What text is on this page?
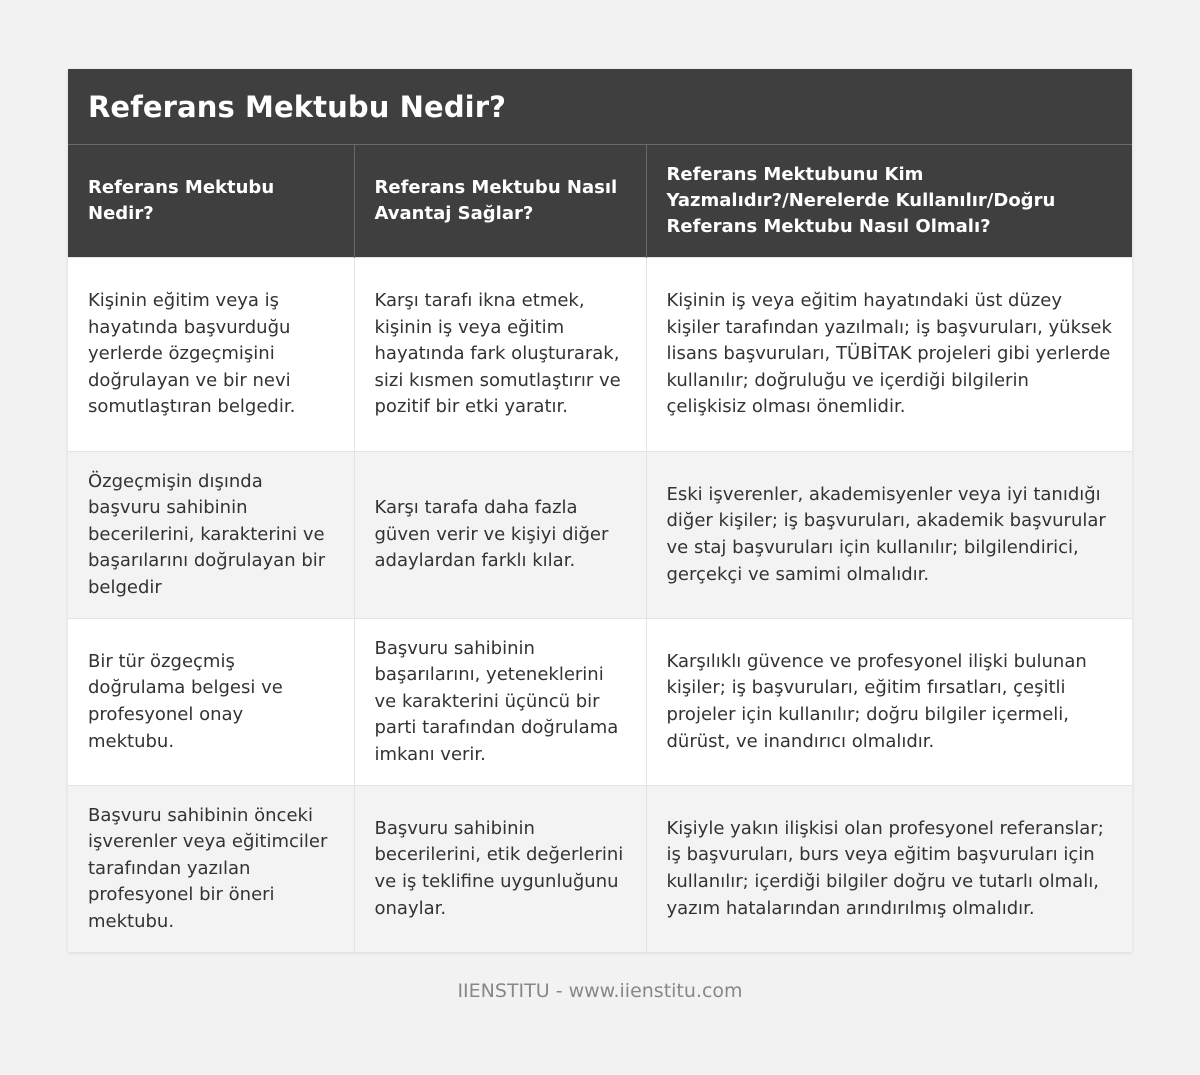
Referans Mektubu Nedir?
Referans Mektubu Nedir?	Referans Mektubu Nasıl Avantaj Sağlar?	Referans Mektubunu Kim Yazmalıdır?/Nerelerde Kullanılır/Doğru Referans Mektubu Nasıl Olmalı?
Kişinin eğitim veya iş hayatında başvurduğu yerlerde özgeçmişini doğrulayan ve bir nevi somutlaştıran belgedir.	Karşı tarafı ikna etmek, kişinin iş veya eğitim hayatında fark oluşturarak, sizi kısmen somutlaştırır ve pozitif bir etki yaratır.	Kişinin iş veya eğitim hayatındaki üst düzey kişiler tarafından yazılmalı; iş başvuruları, yüksek lisans başvuruları, TÜBİTAK projeleri gibi yerlerde kullanılır; doğruluğu ve içerdiği bilgilerin çelişkisiz olması önemlidir.
Özgeçmişin dışında başvuru sahibinin becerilerini, karakterini ve başarılarını doğrulayan bir belgedir	Karşı tarafa daha fazla güven verir ve kişiyi diğer adaylardan farklı kılar.	Eski işverenler, akademisyenler veya iyi tanıdığı diğer kişiler; iş başvuruları, akademik başvurular ve staj başvuruları için kullanılır; bilgilendirici, gerçekçi ve samimi olmalıdır.
Bir tür özgeçmiş doğrulama belgesi ve profesyonel onay mektubu.	Başvuru sahibinin başarılarını, yeteneklerini ve karakterini üçüncü bir parti tarafından doğrulama imkanı verir.	Karşılıklı güvence ve profesyonel ilişki bulunan kişiler; iş başvuruları, eğitim fırsatları, çeşitli projeler için kullanılır; doğru bilgiler içermeli, dürüst, ve inandırıcı olmalıdır.
Başvuru sahibinin önceki işverenler veya eğitimciler tarafından yazılan profesyonel bir öneri mektubu.	Başvuru sahibinin becerilerini, etik değerlerini ve iş teklifine uygunluğunu onaylar.	Kişiyle yakın ilişkisi olan profesyonel referanslar; iş başvuruları, burs veya eğitim başvuruları için kullanılır; içerdiği bilgiler doğru ve tutarlı olmalı, yazım hatalarından arındırılmış olmalıdır.
IIENSTITU - www.iienstitu.com
